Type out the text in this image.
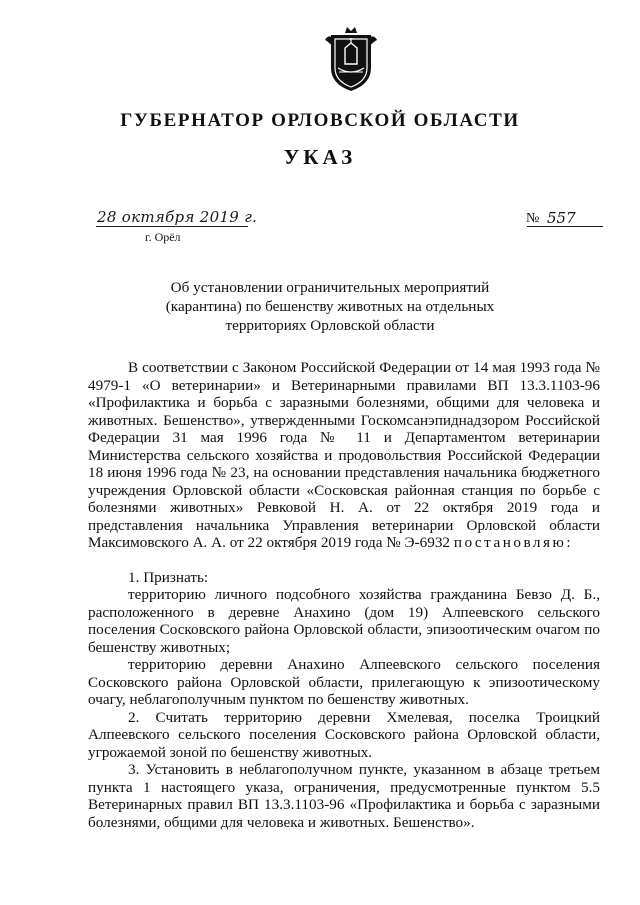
ГУБЕРНАТОР ОРЛОВСКОЙ ОБЛАСТИ
УКАЗ
28 октября 2019 г.
г. Орёл
№ 557
Об установлении ограничительных мероприятий
(карантина) по бешенству животных на отдельных
территориях Орловской области

В соответствии с Законом Российской Федерации от 14 мая 1993 года № 4979-1 «О ветеринарии» и Ветеринарными правилами ВП 13.3.1103-96 «Профилактика и борьба с заразными болезнями, общими для человека и животных. Бешенство», утвержденными Госкомсанэпиднадзором Российской Федерации 31 мая 1996 года № 11 и Департаментом ветеринарии Министерства сельского хозяйства и продовольствия Российской Федерации 18 июня 1996 года № 23, на основании представления начальника бюджетного учреждения Орловской области «Сосковская районная станция по борьбе с болезнями животных» Ревковой Н. А. от 22 октября 2019 года и представления начальника Управления ветеринарии Орловской области Максимовского А. А. от 22 октября 2019 года № Э-6932 постановляю:

1. Признать:

территорию личного подсобного хозяйства гражданина Бевзо Д. Б., расположенного в деревне Анахино (дом 19) Алпеевского сельского поселения Сосковского района Орловской области, эпизоотическим очагом по бешенству животных;

территорию деревни Анахино Алпеевского сельского поселения Сосковского района Орловской области, прилегающую к эпизоотическому очагу, неблагополучным пунктом по бешенству животных.

2. Считать территорию деревни Хмелевая, поселка Троицкий Алпеевского сельского поселения Сосковского района Орловской области, угрожаемой зоной по бешенству животных.

3. Установить в неблагополучном пункте, указанном в абзаце третьем пункта 1 настоящего указа, ограничения, предусмотренные пунктом 5.5 Ветеринарных правил ВП 13.3.1103-96 «Профилактика и борьба с заразными болезнями, общими для человека и животных. Бешенство».
